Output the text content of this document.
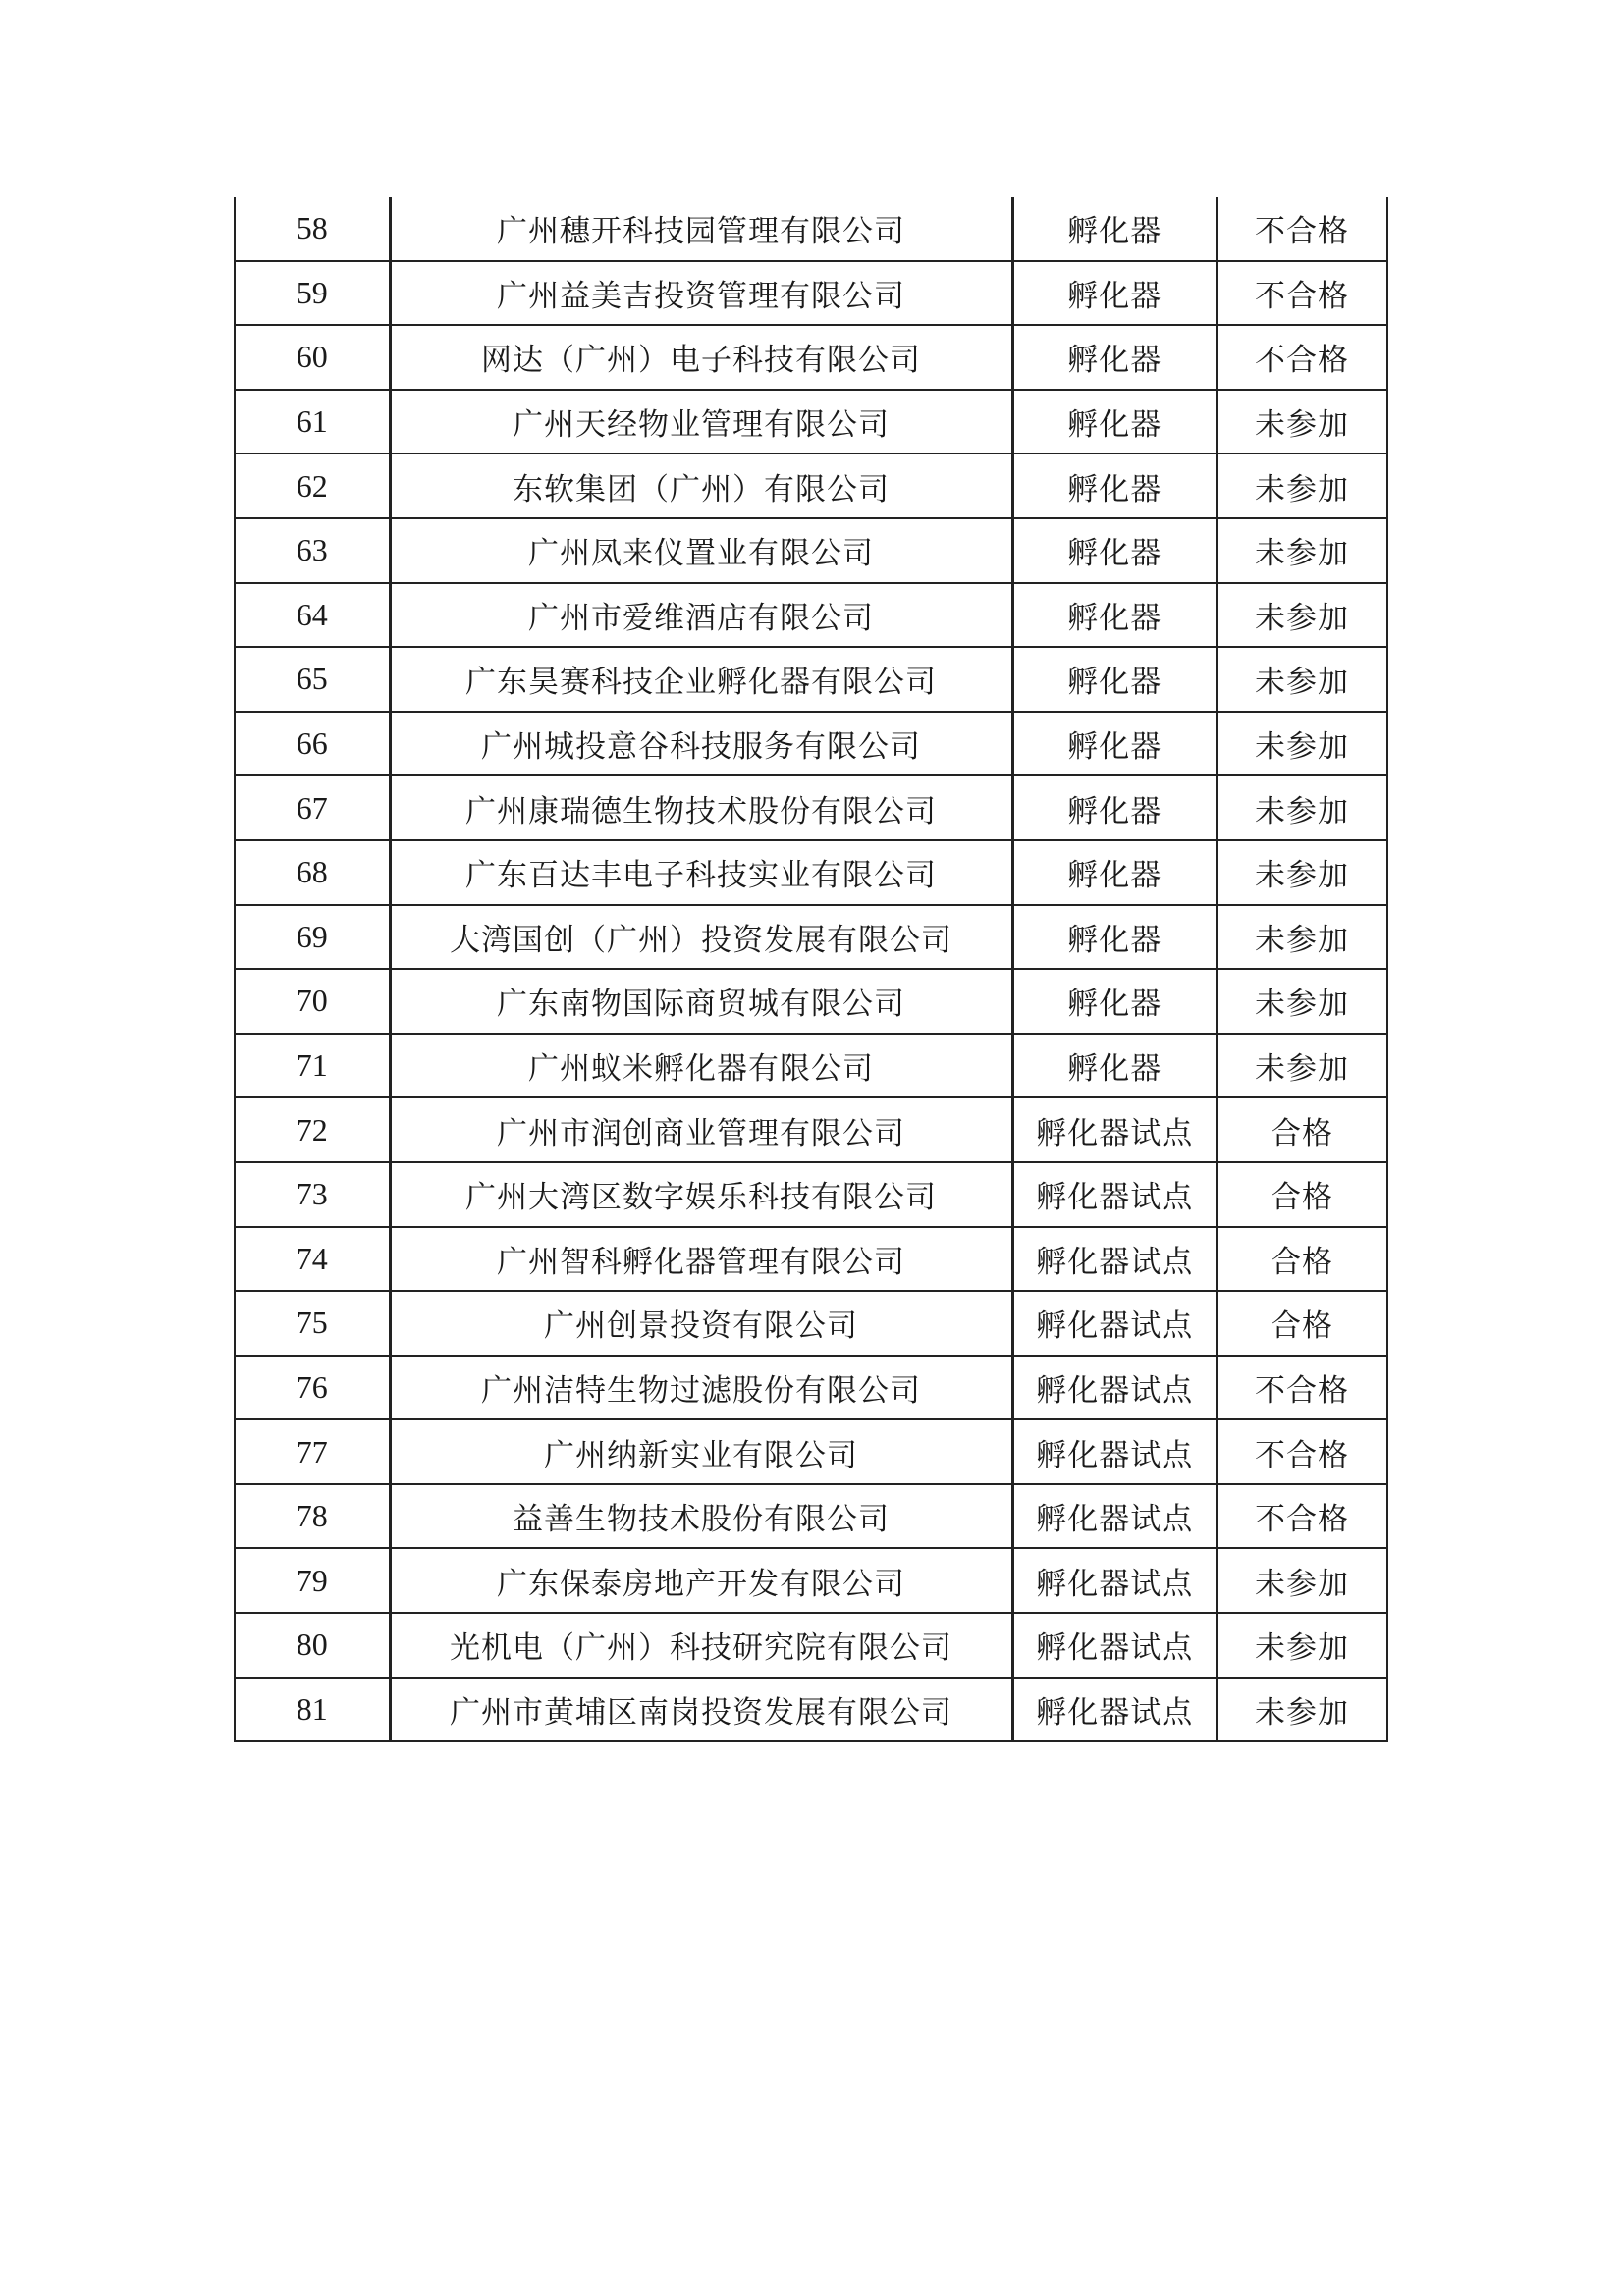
58	广州穗开科技园管理有限公司	孵化器	不合格
59	广州益美吉投资管理有限公司	孵化器	不合格
60	网达（广州）电子科技有限公司	孵化器	不合格
61	广州天经物业管理有限公司	孵化器	未参加
62	东软集团（广州）有限公司	孵化器	未参加
63	广州凤来仪置业有限公司	孵化器	未参加
64	广州市爱维酒店有限公司	孵化器	未参加
65	广东昊赛科技企业孵化器有限公司	孵化器	未参加
66	广州城投意谷科技服务有限公司	孵化器	未参加
67	广州康瑞德生物技术股份有限公司	孵化器	未参加
68	广东百达丰电子科技实业有限公司	孵化器	未参加
69	大湾国创（广州）投资发展有限公司	孵化器	未参加
70	广东南物国际商贸城有限公司	孵化器	未参加
71	广州蚁米孵化器有限公司	孵化器	未参加
72	广州市润创商业管理有限公司	孵化器试点	合格
73	广州大湾区数字娱乐科技有限公司	孵化器试点	合格
74	广州智科孵化器管理有限公司	孵化器试点	合格
75	广州创景投资有限公司	孵化器试点	合格
76	广州洁特生物过滤股份有限公司	孵化器试点	不合格
77	广州纳新实业有限公司	孵化器试点	不合格
78	益善生物技术股份有限公司	孵化器试点	不合格
79	广东保泰房地产开发有限公司	孵化器试点	未参加
80	光机电（广州）科技研究院有限公司	孵化器试点	未参加
81	广州市黄埔区南岗投资发展有限公司	孵化器试点	未参加
